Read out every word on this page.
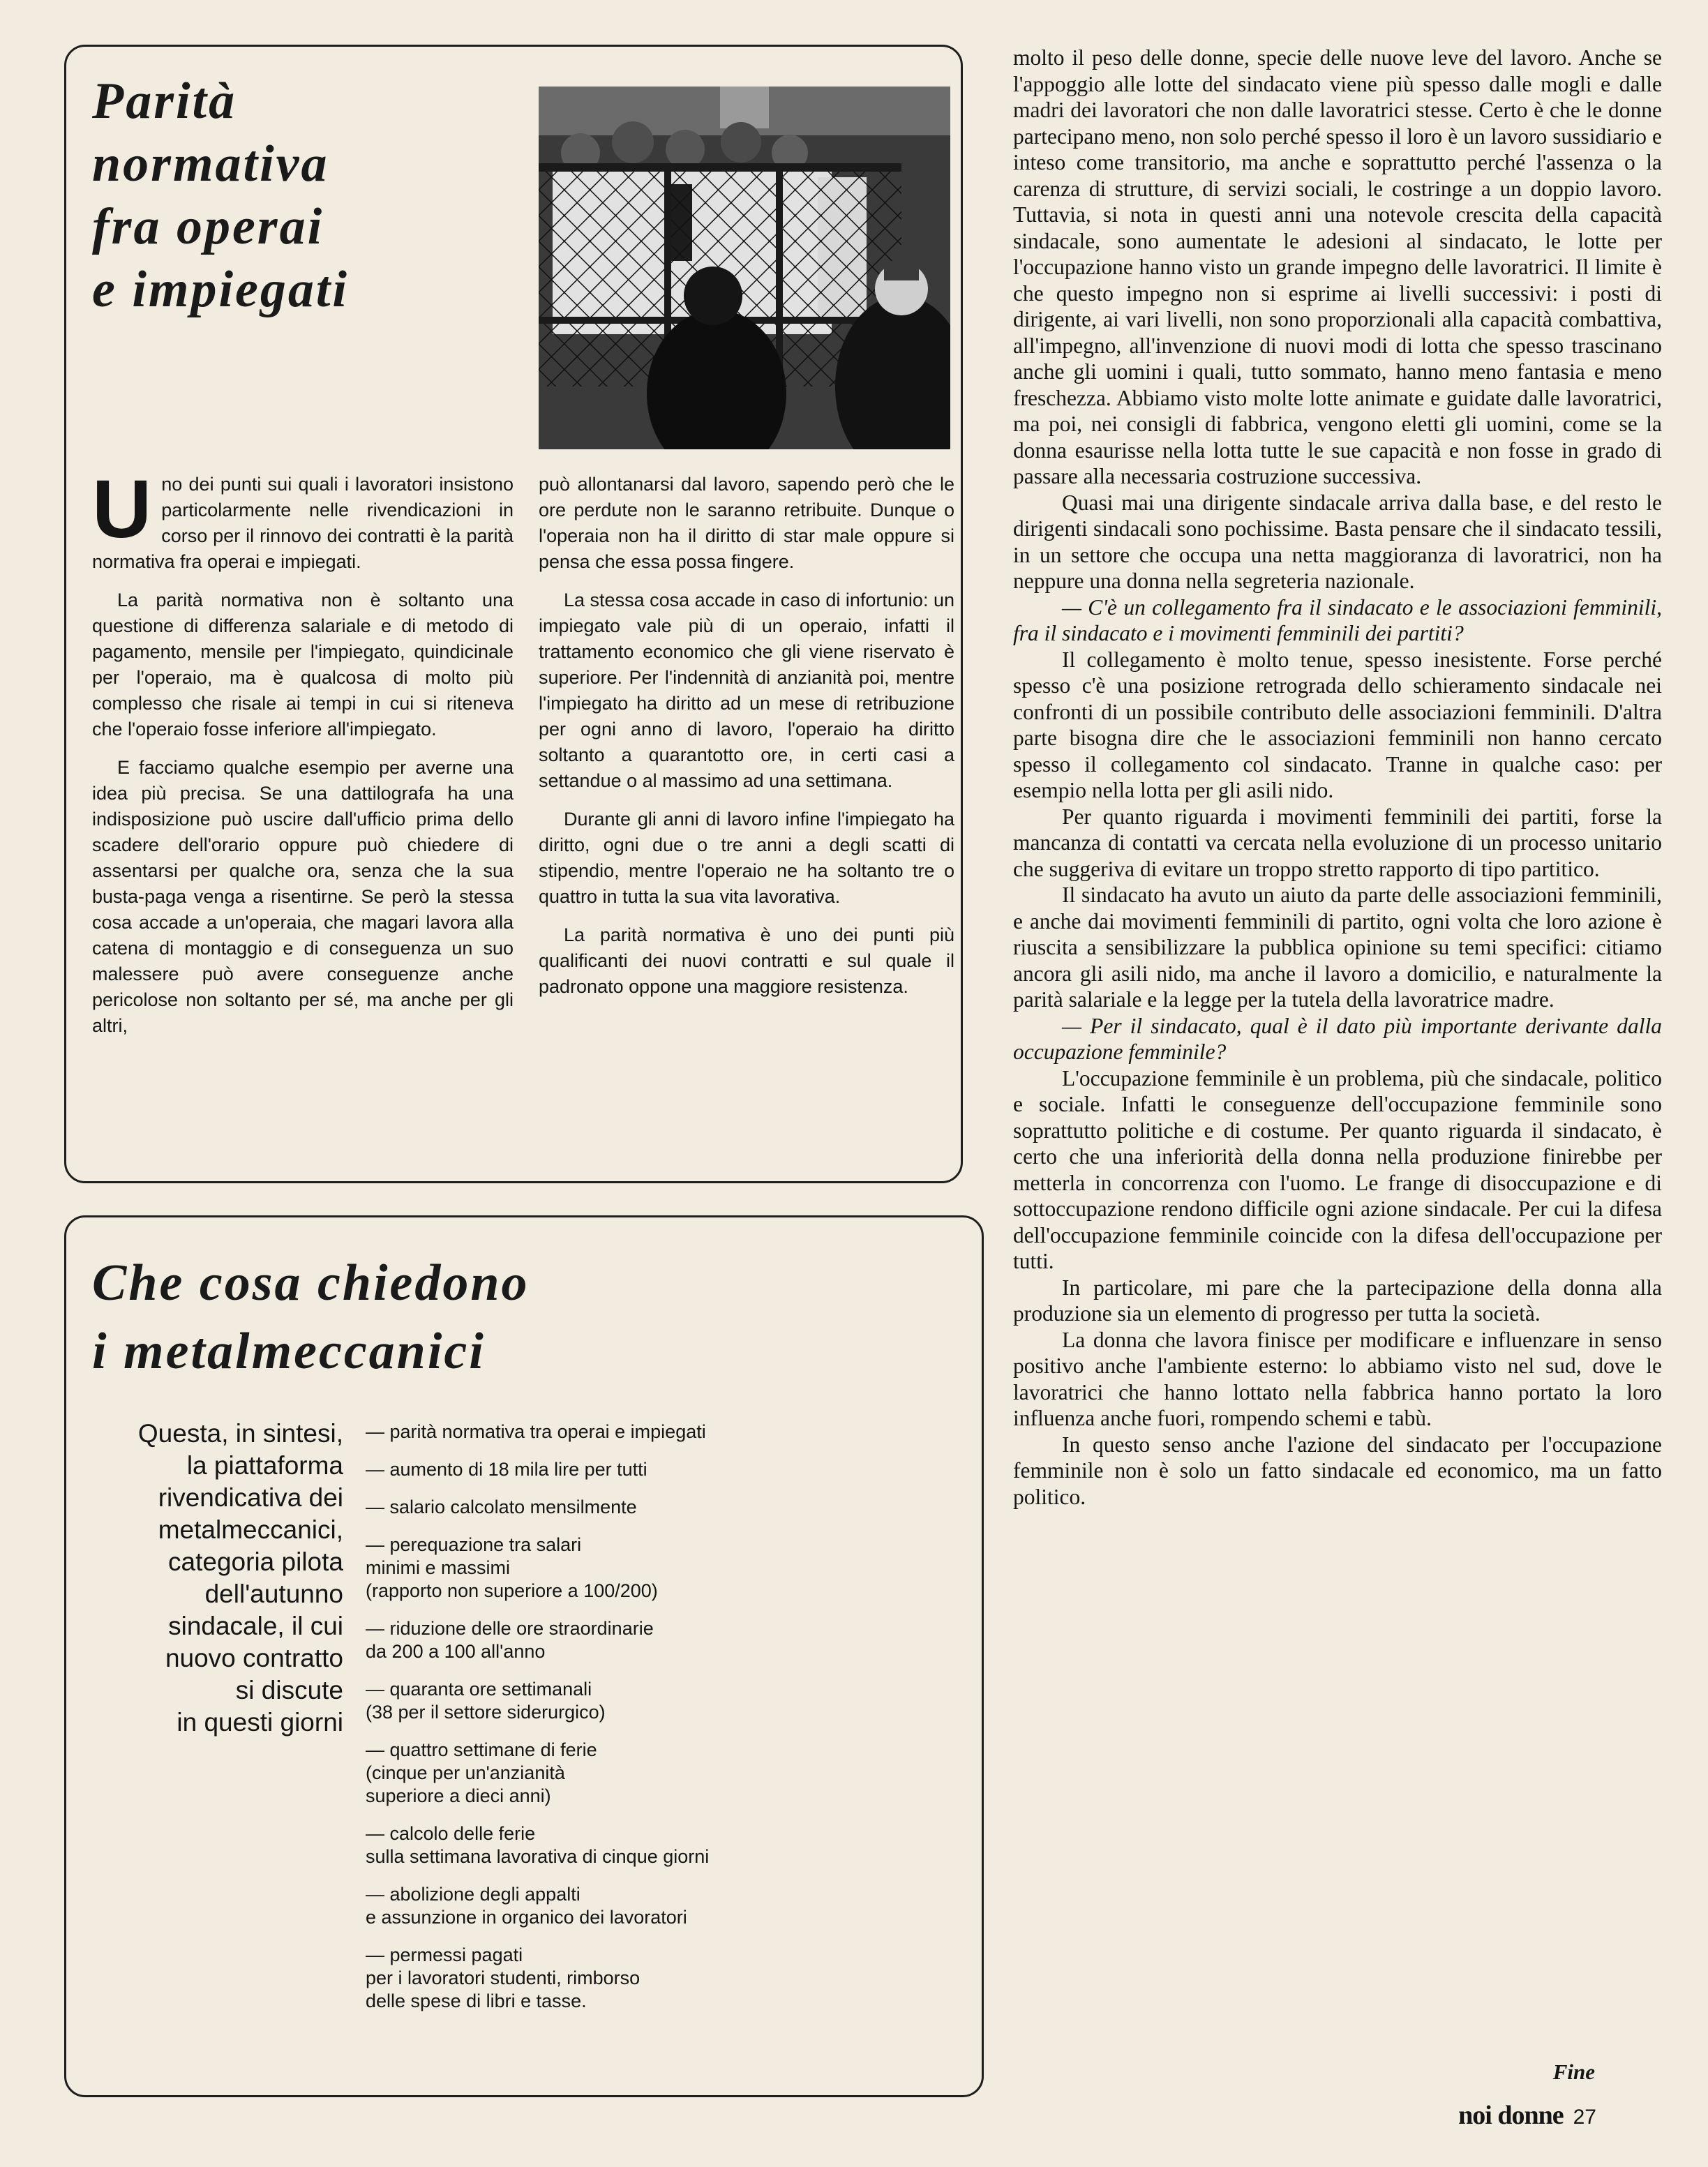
Parità
normativa
fra operai
e impiegati

Uno dei punti sui quali i lavoratori insistono particolarmente nelle rivendicazioni in corso per il rinnovo dei contratti è la parità normativa fra operai e impiegati.

La parità normativa non è soltanto una questione di differenza salariale e di metodo di pagamento, mensile per l'impiegato, quindicinale per l'operaio, ma è qualcosa di molto più complesso che risale ai tempi in cui si riteneva che l'operaio fosse inferiore all'impiegato.

E facciamo qualche esempio per averne una idea più precisa. Se una dattilografa ha una indisposizione può uscire dall'ufficio prima dello scadere dell'orario oppure può chiedere di assentarsi per qualche ora, senza che la sua busta-paga venga a risentirne. Se però la stessa cosa accade a un'operaia, che magari lavora alla catena di montaggio e di conseguenza un suo malessere può avere conseguenze anche pericolose non soltanto per sé, ma anche per gli altri,

può allontanarsi dal lavoro, sapendo però che le ore perdute non le saranno retribuite. Dunque o l'operaia non ha il diritto di star male oppure si pensa che essa possa fingere.

La stessa cosa accade in caso di infortunio: un impiegato vale più di un operaio, infatti il trattamento economico che gli viene riservato è superiore. Per l'indennità di anzianità poi, mentre l'impiegato ha diritto ad un mese di retribuzione per ogni anno di lavoro, l'operaio ha diritto soltanto a quarantotto ore, in certi casi a settandue o al massimo ad una settimana.

Durante gli anni di lavoro infine l'impiegato ha diritto, ogni due o tre anni a degli scatti di stipendio, mentre l'operaio ne ha soltanto tre o quattro in tutta la sua vita lavorativa.

La parità normativa è uno dei punti più qualificanti dei nuovi contratti e sul quale il padronato oppone una maggiore resistenza.

Che cosa chiedono
i metalmeccanici
Questa, in sintesi,
la piattaforma
rivendicativa dei
metalmeccanici,
categoria pilota
dell'autunno
sindacale, il cui
nuovo contratto
si discute
in questi giorni
— parità normativa tra operai e impiegati
— aumento di 18 mila lire per tutti
— salario calcolato mensilmente
— perequazione tra salari
minimi e massimi
(rapporto non superiore a 100/200)
— riduzione delle ore straordinarie
da 200 a 100 all'anno
— quaranta ore settimanali
(38 per il settore siderurgico)
— quattro settimane di ferie
(cinque per un'anzianità
superiore a dieci anni)
— calcolo delle ferie
sulla settimana lavorativa di cinque giorni
— abolizione degli appalti
e assunzione in organico dei lavoratori
— permessi pagati
per i lavoratori studenti, rimborso
delle spese di libri e tasse.

molto il peso delle donne, specie delle nuove leve del lavoro. Anche se l'appoggio alle lotte del sindacato viene più spesso dalle mogli e dalle madri dei lavoratori che non dalle lavoratrici stesse. Certo è che le donne partecipano meno, non solo perché spesso il loro è un lavoro sussidiario e inteso come transitorio, ma anche e soprattutto perché l'assenza o la carenza di strutture, di servizi sociali, le costringe a un doppio lavoro. Tuttavia, si nota in questi anni una notevole crescita della capacità sindacale, sono aumentate le adesioni al sindacato, le lotte per l'occupazione hanno visto un grande impegno delle lavoratrici. Il limite è che questo impegno non si esprime ai livelli successivi: i posti di dirigente, ai vari livelli, non sono proporzionali alla capacità combattiva, all'impegno, all'invenzione di nuovi modi di lotta che spesso trascinano anche gli uomini i quali, tutto sommato, hanno meno fantasia e meno freschezza. Abbiamo visto molte lotte animate e guidate dalle lavoratrici, ma poi, nei consigli di fabbrica, vengono eletti gli uomini, come se la donna esaurisse nella lotta tutte le sue capacità e non fosse in grado di passare alla necessaria costruzione successiva.

Quasi mai una dirigente sindacale arriva dalla base, e del resto le dirigenti sindacali sono pochissime. Basta pensare che il sindacato tessili, in un settore che occupa una netta maggioranza di lavoratrici, non ha neppure una donna nella segreteria nazionale.

— C'è un collegamento fra il sindacato e le associazioni femminili, fra il sindacato e i movimenti femminili dei partiti?

Il collegamento è molto tenue, spesso inesistente. Forse perché spesso c'è una posizione retrograda dello schieramento sindacale nei confronti di un possibile contributo delle associazioni femminili. D'altra parte bisogna dire che le associazioni femminili non hanno cercato spesso il collegamento col sindacato. Tranne in qualche caso: per esempio nella lotta per gli asili nido.

Per quanto riguarda i movimenti femminili dei partiti, forse la mancanza di contatti va cercata nella evoluzione di un processo unitario che suggeriva di evitare un troppo stretto rapporto di tipo partitico.

Il sindacato ha avuto un aiuto da parte delle associazioni femminili, e anche dai movimenti femminili di partito, ogni volta che loro azione è riuscita a sensibilizzare la pubblica opinione su temi specifici: citiamo ancora gli asili nido, ma anche il lavoro a domicilio, e naturalmente la parità salariale e la legge per la tutela della lavoratrice madre.

— Per il sindacato, qual è il dato più importante derivante dalla occupazione femminile?

L'occupazione femminile è un problema, più che sindacale, politico e sociale. Infatti le conseguenze dell'occupazione femminile sono soprattutto politiche e di costume. Per quanto riguarda il sindacato, è certo che una inferiorità della donna nella produzione finirebbe per metterla in concorrenza con l'uomo. Le frange di disoccupazione e di sottoccupazione rendono difficile ogni azione sindacale. Per cui la difesa dell'occupazione femminile coincide con la difesa dell'occupazione per tutti.

In particolare, mi pare che la partecipazione della donna alla produzione sia un elemento di progresso per tutta la società.

La donna che lavora finisce per modificare e influenzare in senso positivo anche l'ambiente esterno: lo abbiamo visto nel sud, dove le lavoratrici che hanno lottato nella fabbrica hanno portato la loro influenza anche fuori, rompendo schemi e tabù.

In questo senso anche l'azione del sindacato per l'occupazione femminile non è solo un fatto sindacale ed economico, ma un fatto politico.

Fine
noi donne 27
